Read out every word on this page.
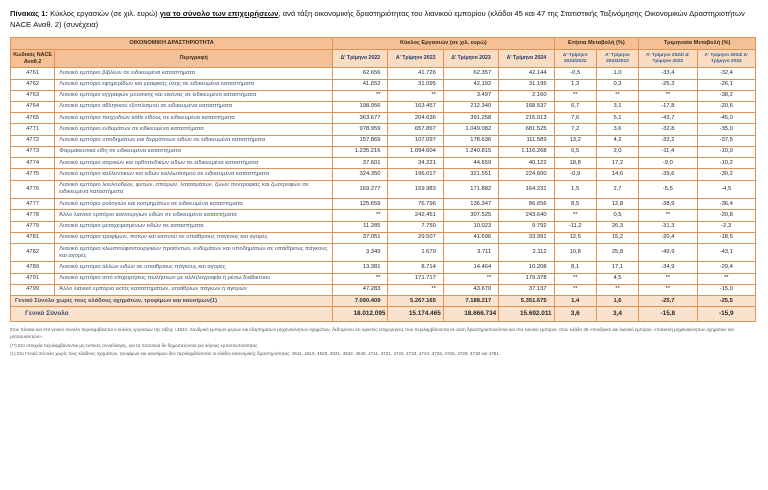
Πίνακας 1: Κύκλος εργασιών (σε χιλ. ευρώ) για το σύνολο των επιχειρήσεων, ανά τάξη οικονομικής δραστηριότητας του λιανικού εμπορίου (κλάδοι 45 και 47 της Στατιστικής Ταξινόμησης Οικονομικών Δραστηριοτήτων NACE Αναθ. 2) (συνέχεια)

ΟΙΚΟΝΟΜΙΚΗ ΔΡΑΣΤΗΡΙΟΤΗΤΑ		Κύκλος Εργασιών (σε χιλ. ευρώ)				Ετήσια Μεταβολή (%)		Τριμηνιαία Μεταβολή (%)	
Κωδικός NACE Αναθ.2	Περιγραφή	Δ' Τρίμηνο 2022	Α' Τρίμηνο 2023	Δ' Τρίμηνο 2023	Α' Τρίμηνο 2024	Δ' Τρίμηνο 2023/2022	Α' Τρίμηνο 2024/2023	Α' Τρίμηνο 2023/ Δ' Τρίμηνο 2022	Α' Τρίμηνο 2024/ Δ' Τρίμηνο 2023
4761	Λιανικό εμπόριο βιβλίων σε ειδικευμένα καταστήματα	62.656	41.726	62.357	42.144	-0,5	1,0	-33,4	-32,4
4762	Λιανικό εμπόριο εφημερίδων και γραφικής ύλης σε ειδικευμένα καταστήματα	41.652	31.095	42.192	31.195	1,3	0,3	-25,3	-26,1
4763	Λιανικό εμπόριο εγγραφών μουσικής και εικόνας σε ειδικευμένα καταστήματα	**	**	3.497	2.160	**	**	**	-38,2
4764	Λιανικό εμπόριο αθλητικού εξοπλισμού σε ειδικευμένα καταστήματα	198.956	163.457	212.340	168.537	6,7	3,1	-17,8	-20,6
4765	Λιανικό εμπόριο παιχνιδιών κάθε είδους σε ειδικευμένα καταστήματα	363.677	204.636	391.258	215.013	7,6	5,1	-43,7	-45,0
4771	Λιανικό εμπόριο ενδυμάτων σε ειδικευμένα καταστήματα	978.959	657.867	1.049.082	681.525	7,2	3,6	-32,8	-35,0
4772	Λιανικό εμπόριο υποδημάτων και δερμάτινων ειδών σε ειδικευμένα καταστήματα	157.869	107.097	178.636	111.589	13,2	4,2	-32,2	-37,5
4773	Φαρμακευτικά είδη σε ειδικευμένα καταστήματα	1.235.216	1.094.604	1.240.815	1.116.268	0,5	2,0	-11,4	-10,0
4774	Λιανικό εμπόριο ιατρικών και ορθοπεδικών ειδών σε ειδικευμένα καταστήματα	37.601	34.221	44.659	40.122	18,8	17,2	-9,0	-10,2
4775	Λιανικό εμπόριο καλλυντικών και ειδών καλλωπισμού σε ειδικευμένα καταστήματα	324.350	196.017	321.551	224.600	-0,9	14,6	-39,6	-30,2
4776	Λιανικό εμπόριο λουλουδιών, φυτών, σπόρων, λιπασμάτων, ζώων συντροφιάς και ζωοτροφών σε ειδικευμένα καταστήματα	169.277	159.983	171.882	164.231	1,5	2,7	-5,5	-4,5
4777	Λιανικό εμπόριο ρολογιών και κοσμημάτων σε ειδικευμένα καταστήματα	125.659	76.796	136.347	86.656	8,5	12,8	-38,9	-36,4
4778	Άλλο λιανικό εμπόριο καινούργιων ειδών σε ειδικευμένα καταστήματα	**	242.451	307.525	243.640	**	0,5	**	-20,8
4779	Λιανικό εμπόριο μεταχειρισμένων ειδών σε καταστήματα	11.285	7.750	10.023	9.792	-11,2	26,3	-31,3	-2,3
4781	Λιανικό εμπόριο τροφίμων, ποτών και καπνού σε υπαίθριους πάγκους και αγορές	37.051	29.507	41.696	33.991	12,5	15,2	-20,4	-18,5
4782	Λιανικό εμπόριο κλωστοϋφαντουργικών προϊόντων, ενδυμάτων και υποδημάτων σε υπαίθριους πάγκους και αγορές	3.349	1.679	3.711	2.112	10,8	25,8	-49,9	-43,1
4789	Λιανικό εμπόριο άλλων ειδών σε υπαίθριους πάγκους και αγορές	13.381	8.714	14.464	10.208	8,1	17,1	-34,9	-29,4
4791	Λιανικό εμπόριο από επιχειρήσεις πωλήσεων με αλληλογραφία ή μέσω διαδικτύου	**	171.717	**	179.378	**	4,5	**	**
4799	Άλλο λιανικό εμπόριο εκτός καταστημάτων, υπαίθριων πάγκων ή αγορών	47.283	**	43.670	37.137	**	**	**	-15,0
Γενικό Σύνολο χωρίς τους κλάδους οχημάτων, τροφίμων και καυσίμων(1)		7.090.409	5.267.165	7.188.217	5.351.675	1,4	1,6	-25,7	-25,5
Γενικό Σύνολο		18.012.095	15.174.465	18.666.734	15.692.011	3,6	3,4	-15,8	-15,9

Στον πίνακα και στο γενικό σύνολο περιλαμβάνεται ο κύκλος εργασιών της τάξης +4531: Χονδρικό εμπόριο μερών και εξαρτημάτων μηχανοκίνητων οχημάτων, δεδομένου ότι αρκετές επιχειρήσεις που περιλαμβάνονται σε αυτή δραστηριοποιούνται και στο λιανικό εμπόριο, στον κλάδο 45 «Χονδρικό και λιανικό εμπόριο· επισκευή μηχανοκίνητων οχημάτων και μοτοσυκλετών».

(**) Στα στοιχεία περιλαμβάνονται μη τυπικές συναλλαγές, και τα ποσοτικά δε δημοσιεύονται για λόγους εμπιστευτικότητας.

(1) Στο Γενικό Σύνολο χωρίς τους κλάδους οχημάτων, τροφίμων και καυσίμων δεν περιλαμβάνονται οι κλάδοι οικονομικής δραστηριότητας: 4511, 4519, 4520, 4531, 4532, 4540, 4711, 4721, 4722, 4723, 4724, 4725, 4726, 4729, 4730 και 4781.
